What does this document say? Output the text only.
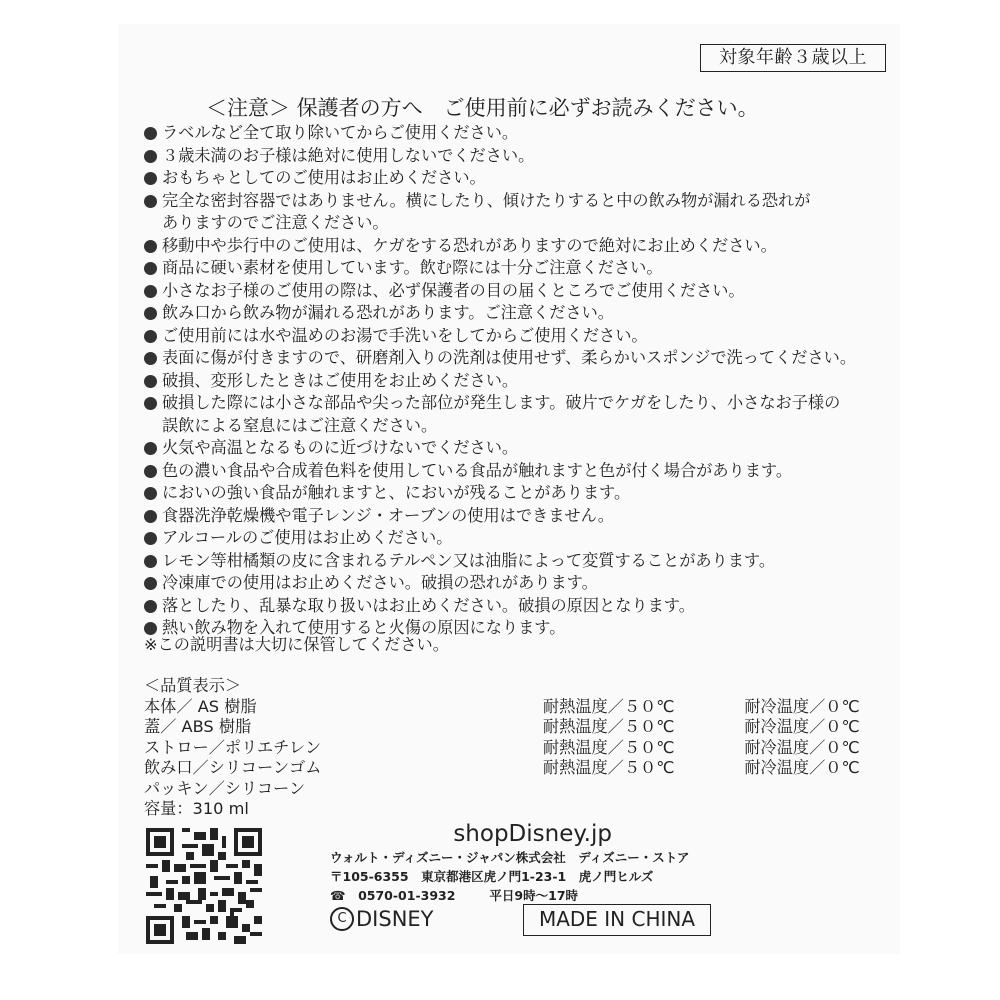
対象年齢３歳以上
＜注意＞ 保護者の方へ　ご使用前に必ずお読みください。
ラベルなど全て取り除いてからご使用ください。
３歳未満のお子様は絶対に使用しないでください。
おもちゃとしてのご使用はお止めください。
完全な密封容器ではありません。横にしたり、傾けたりすると中の飲み物が漏れる恐れが
ありますのでご注意ください。
移動中や歩行中のご使用は、ケガをする恐れがありますので絶対にお止めください。
商品に硬い素材を使用しています。飲む際には十分ご注意ください。
小さなお子様のご使用の際は、必ず保護者の目の届くところでご使用ください。
飲み口から飲み物が漏れる恐れがあります。ご注意ください。
ご使用前には水や温めのお湯で手洗いをしてからご使用ください。
表面に傷が付きますので、研磨剤入りの洗剤は使用せず、柔らかいスポンジで洗ってください。
破損、変形したときはご使用をお止めください。
破損した際には小さな部品や尖った部位が発生します。破片でケガをしたり、小さなお子様の
誤飲による窒息にはご注意ください。
火気や高温となるものに近づけないでください。
色の濃い食品や合成着色料を使用している食品が触れますと色が付く場合があります。
においの強い食品が触れますと、においが残ることがあります。
食器洗浄乾燥機や電子レンジ・オーブンの使用はできません。
アルコールのご使用はお止めください。
レモン等柑橘類の皮に含まれるテルペン又は油脂によって変質することがあります。
冷凍庫での使用はお止めください。破損の恐れがあります。
落としたり、乱暴な取り扱いはお止めください。破損の原因となります。
熱い飲み物を入れて使用すると火傷の原因になります。
※この説明書は大切に保管してください。
＜品質表示＞
本体／ AS 樹脂	耐熱温度／５０℃	耐冷温度／０℃
蓋／ ABS 樹脂	耐熱温度／５０℃	耐冷温度／０℃
ストロー／ポリエチレン	耐熱温度／５０℃	耐冷温度／０℃
飲み口／シリコーンゴム	耐熱温度／５０℃	耐冷温度／０℃
パッキン／シリコーン
容量：310 ml
shopDisney.jp
ウォルト・ディズニー・ジャパン株式会社　ディズニー・ストア
〒105-6355　東京都港区虎ノ門1-23-1　虎ノ門ヒルズ
☎　0570-01-3932	平日9時～17時
C DISNEY	MADE IN CHINA
